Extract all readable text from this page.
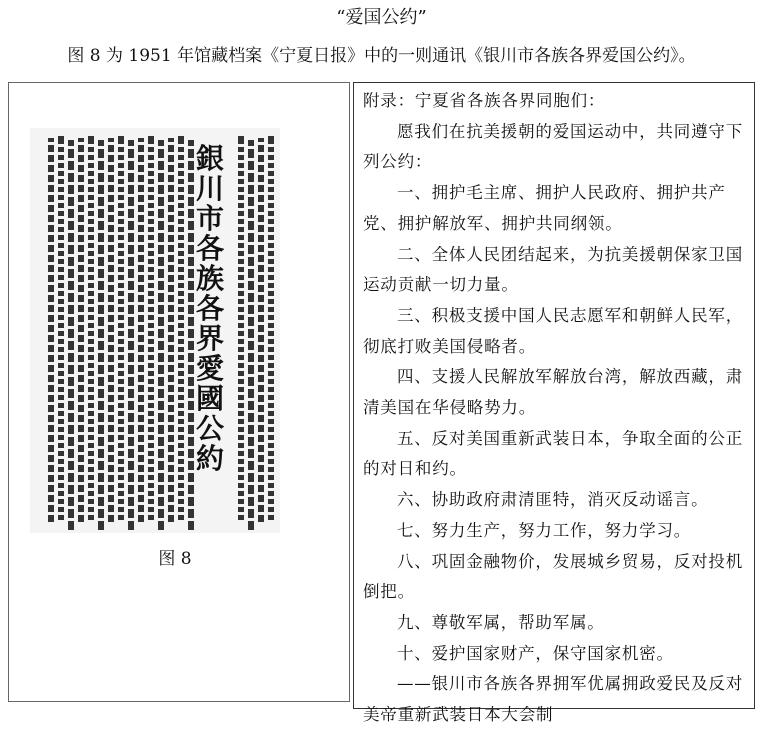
“爱国公约”
图 8 为 1951 年馆藏档案《宁夏日报》中的一则通讯《银川市各族各界爱国公约》。
銀
川
市
各
族
各
界
愛
國
公
約
图 8

附录：宁夏省各族各界同胞们：

愿我们在抗美援朝的爱国运动中，共同遵守下列公约：

一、拥护毛主席、拥护人民政府、拥护共产党、拥护解放军、拥护共同纲领。

二、全体人民团结起来，为抗美援朝保家卫国运动贡献一切力量。

三、积极支援中国人民志愿军和朝鲜人民军，彻底打败美国侵略者。

四、支援人民解放军解放台湾，解放西藏，肃清美国在华侵略势力。

五、反对美国重新武装日本，争取全面的公正的对日和约。

六、协助政府肃清匪特，消灭反动谣言。

七、努力生产，努力工作，努力学习。

八、巩固金融物价，发展城乡贸易，反对投机倒把。

九、尊敬军属，帮助军属。

十、爱护国家财产，保守国家机密。

——银川市各族各界拥军优属拥政爱民及反对美帝重新武装日本大会制
